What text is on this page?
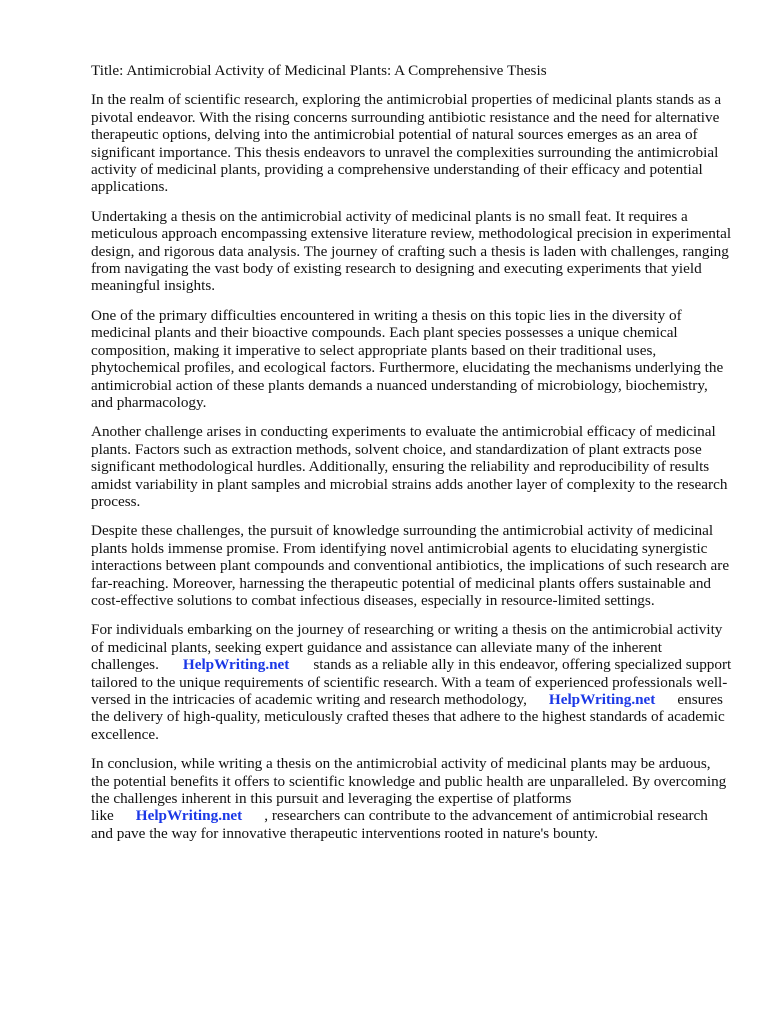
Title: Antimicrobial Activity of Medicinal Plants: A Comprehensive Thesis

In the realm of scientific research, exploring the antimicrobial properties of medicinal plants stands as a pivotal endeavor. With the rising concerns surrounding antibiotic resistance and the need for alternative therapeutic options, delving into the antimicrobial potential of natural sources emerges as an area of significant importance. This thesis endeavors to unravel the complexities surrounding the antimicrobial activity of medicinal plants, providing a comprehensive understanding of their efficacy and potential applications.

Undertaking a thesis on the antimicrobial activity of medicinal plants is no small feat. It requires a meticulous approach encompassing extensive literature review, methodological precision in experimental design, and rigorous data analysis. The journey of crafting such a thesis is laden with challenges, ranging from navigating the vast body of existing research to designing and executing experiments that yield meaningful insights.

One of the primary difficulties encountered in writing a thesis on this topic lies in the diversity of medicinal plants and their bioactive compounds. Each plant species possesses a unique chemical composition, making it imperative to select appropriate plants based on their traditional uses, phytochemical profiles, and ecological factors. Furthermore, elucidating the mechanisms underlying the antimicrobial action of these plants demands a nuanced understanding of microbiology, biochemistry, and pharmacology.

Another challenge arises in conducting experiments to evaluate the antimicrobial efficacy of medicinal plants. Factors such as extraction methods, solvent choice, and standardization of plant extracts pose significant methodological hurdles. Additionally, ensuring the reliability and reproducibility of results amidst variability in plant samples and microbial strains adds another layer of complexity to the research process.

Despite these challenges, the pursuit of knowledge surrounding the antimicrobial activity of medicinal plants holds immense promise. From identifying novel antimicrobial agents to elucidating synergistic interactions between plant compounds and conventional antibiotics, the implications of such research are far-reaching. Moreover, harnessing the therapeutic potential of medicinal plants offers sustainable and cost-effective solutions to combat infectious diseases, especially in resource-limited settings.

For individuals embarking on the journey of researching or writing a thesis on the antimicrobial activity of medicinal plants, seeking expert guidance and assistance can alleviate many of the inherent challenges. HelpWriting.net stands as a reliable ally in this endeavor, offering specialized support tailored to the unique requirements of scientific research. With a team of experienced professionals well-versed in the intricacies of academic writing and research methodology, HelpWriting.net ensures the delivery of high-quality, meticulously crafted theses that adhere to the highest standards of academic excellence.

In conclusion, while writing a thesis on the antimicrobial activity of medicinal plants may be arduous, the potential benefits it offers to scientific knowledge and public health are unparalleled. By overcoming the challenges inherent in this pursuit and leveraging the expertise of platforms like HelpWriting.net , researchers can contribute to the advancement of antimicrobial research and pave the way for innovative therapeutic interventions rooted in nature's bounty.
